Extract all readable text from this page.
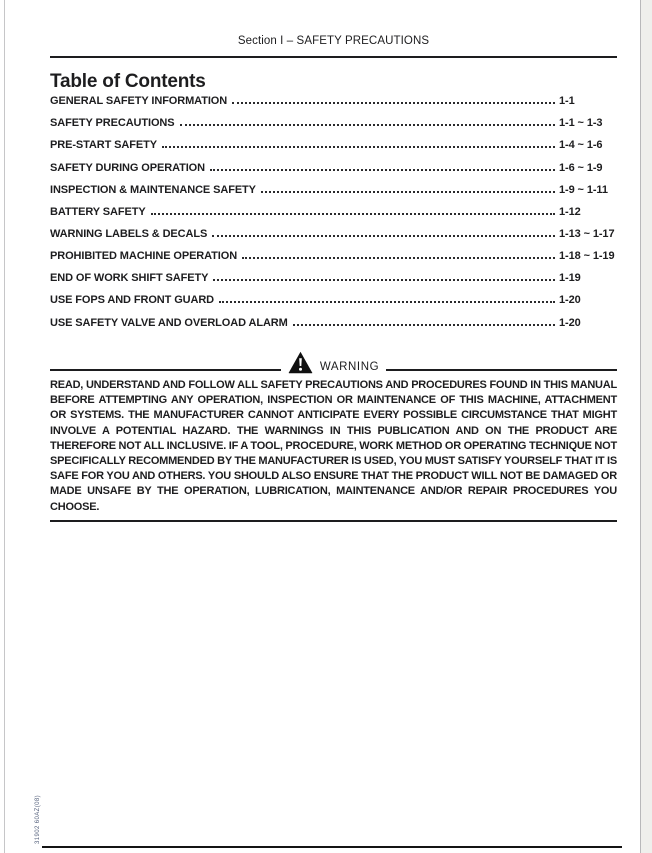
Section I – SAFETY PRECAUTIONS
Table of Contents
GENERAL SAFETY INFORMATION	1-1
SAFETY PRECAUTIONS	1-1 ~ 1-3
PRE-START SAFETY	1-4 ~ 1-6
SAFETY DURING OPERATION	1-6 ~ 1-9
INSPECTION & MAINTENANCE SAFETY	1-9 ~ 1-11
BATTERY SAFETY	1-12
WARNING LABELS & DECALS	1-13 ~ 1-17
PROHIBITED MACHINE OPERATION	1-18 ~ 1-19
END OF WORK SHIFT SAFETY	1-19
USE FOPS AND FRONT GUARD	1-20
USE SAFETY VALVE AND OVERLOAD ALARM	1-20
WARNING

READ, UNDERSTAND AND FOLLOW ALL SAFETY PRECAUTIONS AND PROCEDURES FOUND IN THIS MANUAL BEFORE ATTEMPTING ANY OPERATION, INSPECTION OR MAINTENANCE OF THIS MACHINE, ATTACHMENT OR SYSTEMS. THE MANUFACTURER CANNOT ANTICIPATE EVERY POSSIBLE CIRCUMSTANCE THAT MIGHT INVOLVE A POTENTIAL HAZARD. THE WARNINGS IN THIS PUBLICATION AND ON THE PRODUCT ARE THEREFORE NOT ALL INCLUSIVE. IF A TOOL, PROCEDURE, WORK METHOD OR OPERATING TECHNIQUE NOT SPECIFICALLY RECOMMENDED BY THE MANUFACTURER IS USED, YOU MUST SATISFY YOURSELF THAT IT IS SAFE FOR YOU AND OTHERS. YOU SHOULD ALSO ENSURE THAT THE PRODUCT WILL NOT BE DAMAGED OR MADE UNSAFE BY THE OPERATION, LUBRICATION, MAINTENANCE AND/OR REPAIR PROCEDURES YOU CHOOSE.

31902 60AZ(08)
